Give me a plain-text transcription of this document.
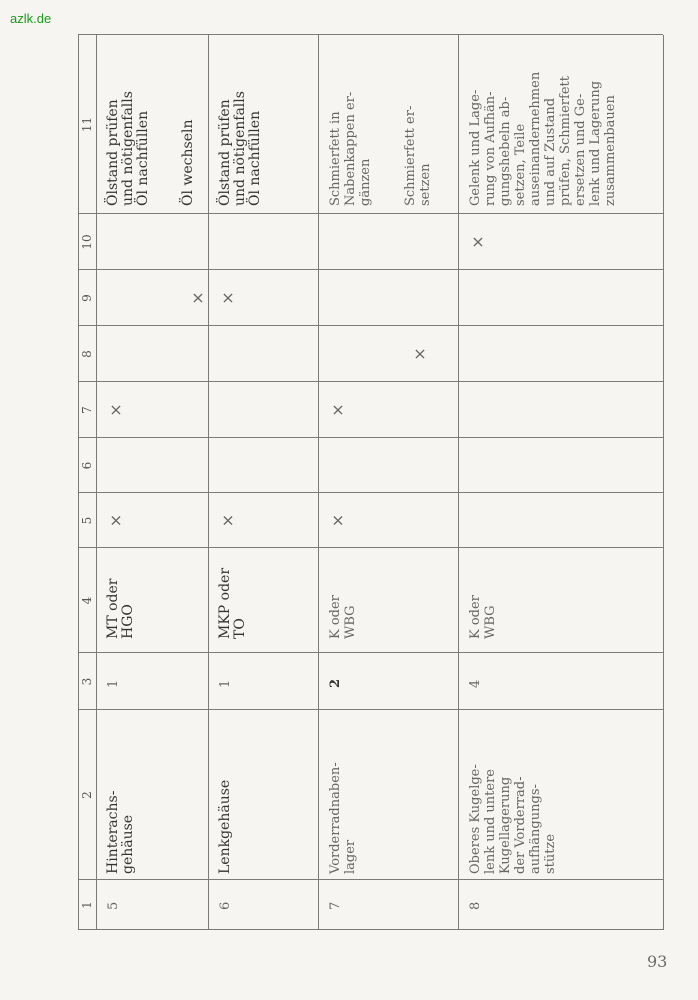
azlk.de
1
2
3
4
5
6
7
8
9
10
11
5
Hinterachs- gehäuse
1
MT oder HGO
×
×
×
Ölstand prüfen und nötigenfalls Öl nachfüllen

Öl wechseln
6
Lenkgehäuse
1
MKP oder TO
×
×
Ölstand prüfen und nötigenfalls Öl nachfüllen
7
Vorderradnaben- lager
2
K oder WBG
×
×
×
Schmierfett in Nabenkappen er- gänzen

Schmierfett er- setzen
8
Oberes Kugelge- lenk und untere Kugellagerung der Vorderrad- aufhängungs- stütze
4
K oder WBG
×
Gelenk und Lage- rung von Aufhän- gungshebeln ab- setzen, Teile auseinandernehmen und auf Zustand prüfen, Schmierfett ersetzen und Ge- lenk und Lagerung zusammenbauen
93
